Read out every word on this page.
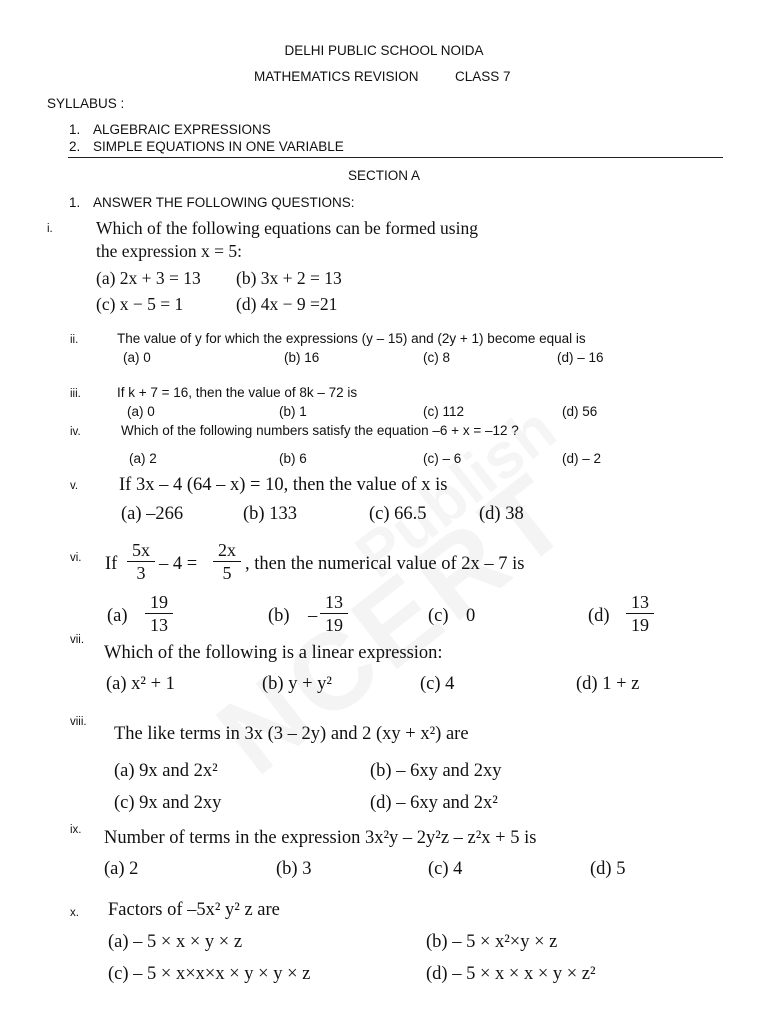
DELHI PUBLIC SCHOOL NOIDA
MATHEMATICS REVISION	CLASS 7
SYLLABUS :
1. ALGEBRAIC EXPRESSIONS
2. SIMPLE EQUATIONS IN ONE VARIABLE
SECTION A
1. ANSWER THE FOLLOWING QUESTIONS:
i. Which of the following equations can be formed using
the expression x = 5:
(a) 2x + 3 = 13 (b) 3x + 2 = 13
(c) x − 5 = 1	(d) 4x − 9 =21
ii.	The value of y for which the expressions (y – 15) and (2y + 1) become equal is
(a) 0	(b) 16	(c) 8	(d) – 16
iii.	If k + 7 = 16, then the value of 8k – 72 is
(a) 0	(b) 1	(c) 112	(d) 56
iv.	Which of the following numbers satisfy the equation –6 + x = –12 ?
(a) 2	(b) 6	(c) – 6	(d) – 2
v. If 3x – 4 (64 – x) = 10, then the value of x is
(a) –266	(b) 133	(c) 66.5	(d) 38
vi. If
5x
3 – 4 =
2x
5 , then the numerical value of 2x – 7 is
(a)
19
13	(b) –
13
19	(c) 0	(d)
13
19
vii.
Which of the following is a linear expression:
(a) x² + 1	(b) y + y²	(c) 4	(d) 1 + z
viii.
The like terms in 3x (3 – 2y) and 2 (xy + x²) are
(a) 9x and 2x²	(b) – 6xy and 2xy
(c) 9x and 2xy	(d) – 6xy and 2x²
ix. Number of terms in the expression 3x²y – 2y²z – z²x + 5 is
(a) 2	(b) 3	(c) 4	(d) 5
x. Factors of –5x² y² z are
(a) – 5 × x × y × z	(b) – 5 × x²×y × z
(c) – 5 × x×x×x × y × y × z	(d) – 5 × x × x × y × z²
